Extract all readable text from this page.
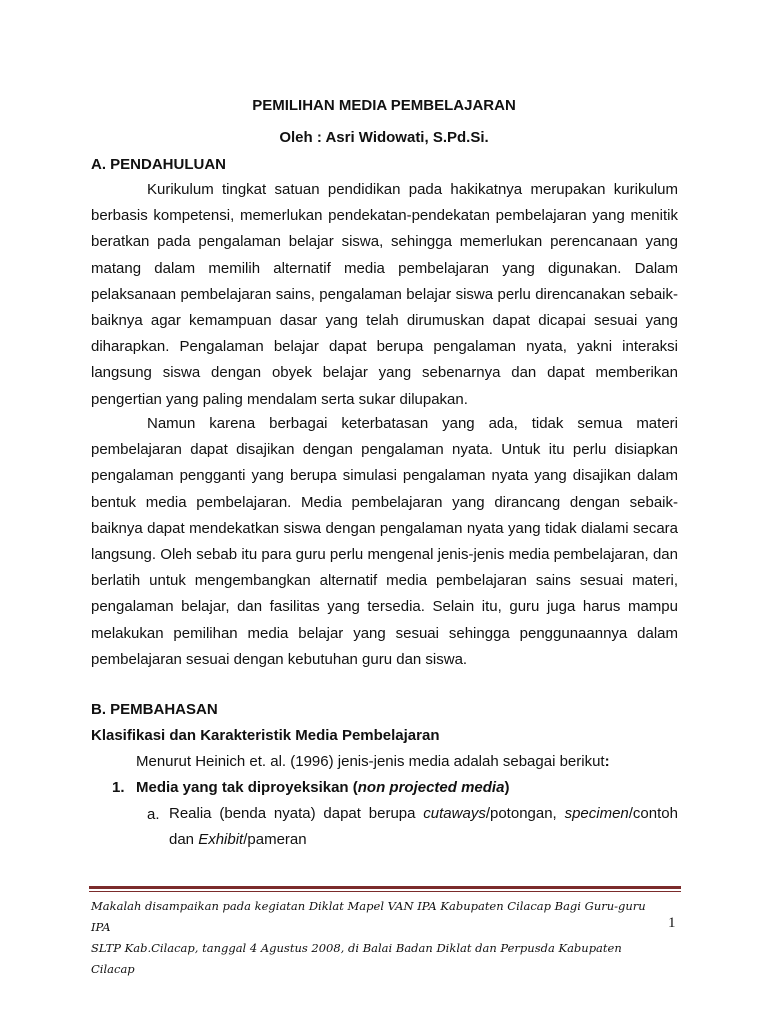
PEMILIHAN MEDIA PEMBELAJARAN
Oleh : Asri Widowati, S.Pd.Si.
A. PENDAHULUAN

Kurikulum tingkat satuan pendidikan pada hakikatnya merupakan kurikulum berbasis kompetensi, memerlukan pendekatan-pendekatan pembelajaran yang menitik beratkan pada pengalaman belajar siswa, sehingga memerlukan perencanaan yang matang dalam memilih alternatif media pembelajaran yang digunakan. Dalam pelaksanaan pembelajaran sains, pengalaman belajar siswa perlu direncanakan sebaik-baiknya agar kemampuan dasar yang telah dirumuskan dapat dicapai sesuai yang diharapkan. Pengalaman belajar dapat berupa pengalaman nyata, yakni interaksi langsung siswa dengan obyek belajar yang sebenarnya dan dapat memberikan pengertian yang paling mendalam serta sukar dilupakan.

Namun karena berbagai keterbatasan yang ada, tidak semua materi pembelajaran dapat disajikan dengan pengalaman nyata. Untuk itu perlu disiapkan pengalaman pengganti yang berupa simulasi pengalaman nyata yang disajikan dalam bentuk media pembelajaran. Media pembelajaran yang dirancang dengan sebaik-baiknya dapat mendekatkan siswa dengan pengalaman nyata yang tidak dialami secara langsung. Oleh sebab itu para guru perlu mengenal jenis-jenis media pembelajaran, dan berlatih untuk mengembangkan alternatif media pembelajaran sains sesuai materi, pengalaman belajar, dan fasilitas yang tersedia. Selain itu, guru juga harus mampu melakukan pemilihan media belajar yang sesuai sehingga penggunaannya dalam pembelajaran sesuai dengan kebutuhan guru dan siswa.

B. PEMBAHASAN
Klasifikasi dan Karakteristik Media Pembelajaran
Menurut Heinich et. al. (1996) jenis-jenis media adalah sebagai berikut:
1. Media yang tak diproyeksikan (non projected media)
a. Realia (benda nyata) dapat berupa cutaways/potongan, specimen/contoh dan Exhibit/pameran

Makalah disampaikan pada kegiatan Diklat Mapel VAN IPA Kabupaten Cilacap Bagi Guru-guru IPA
SLTP Kab.Cilacap, tanggal 4 Agustus 2008, di Balai Badan Diklat dan Perpusda Kabupaten Cilacap

1
